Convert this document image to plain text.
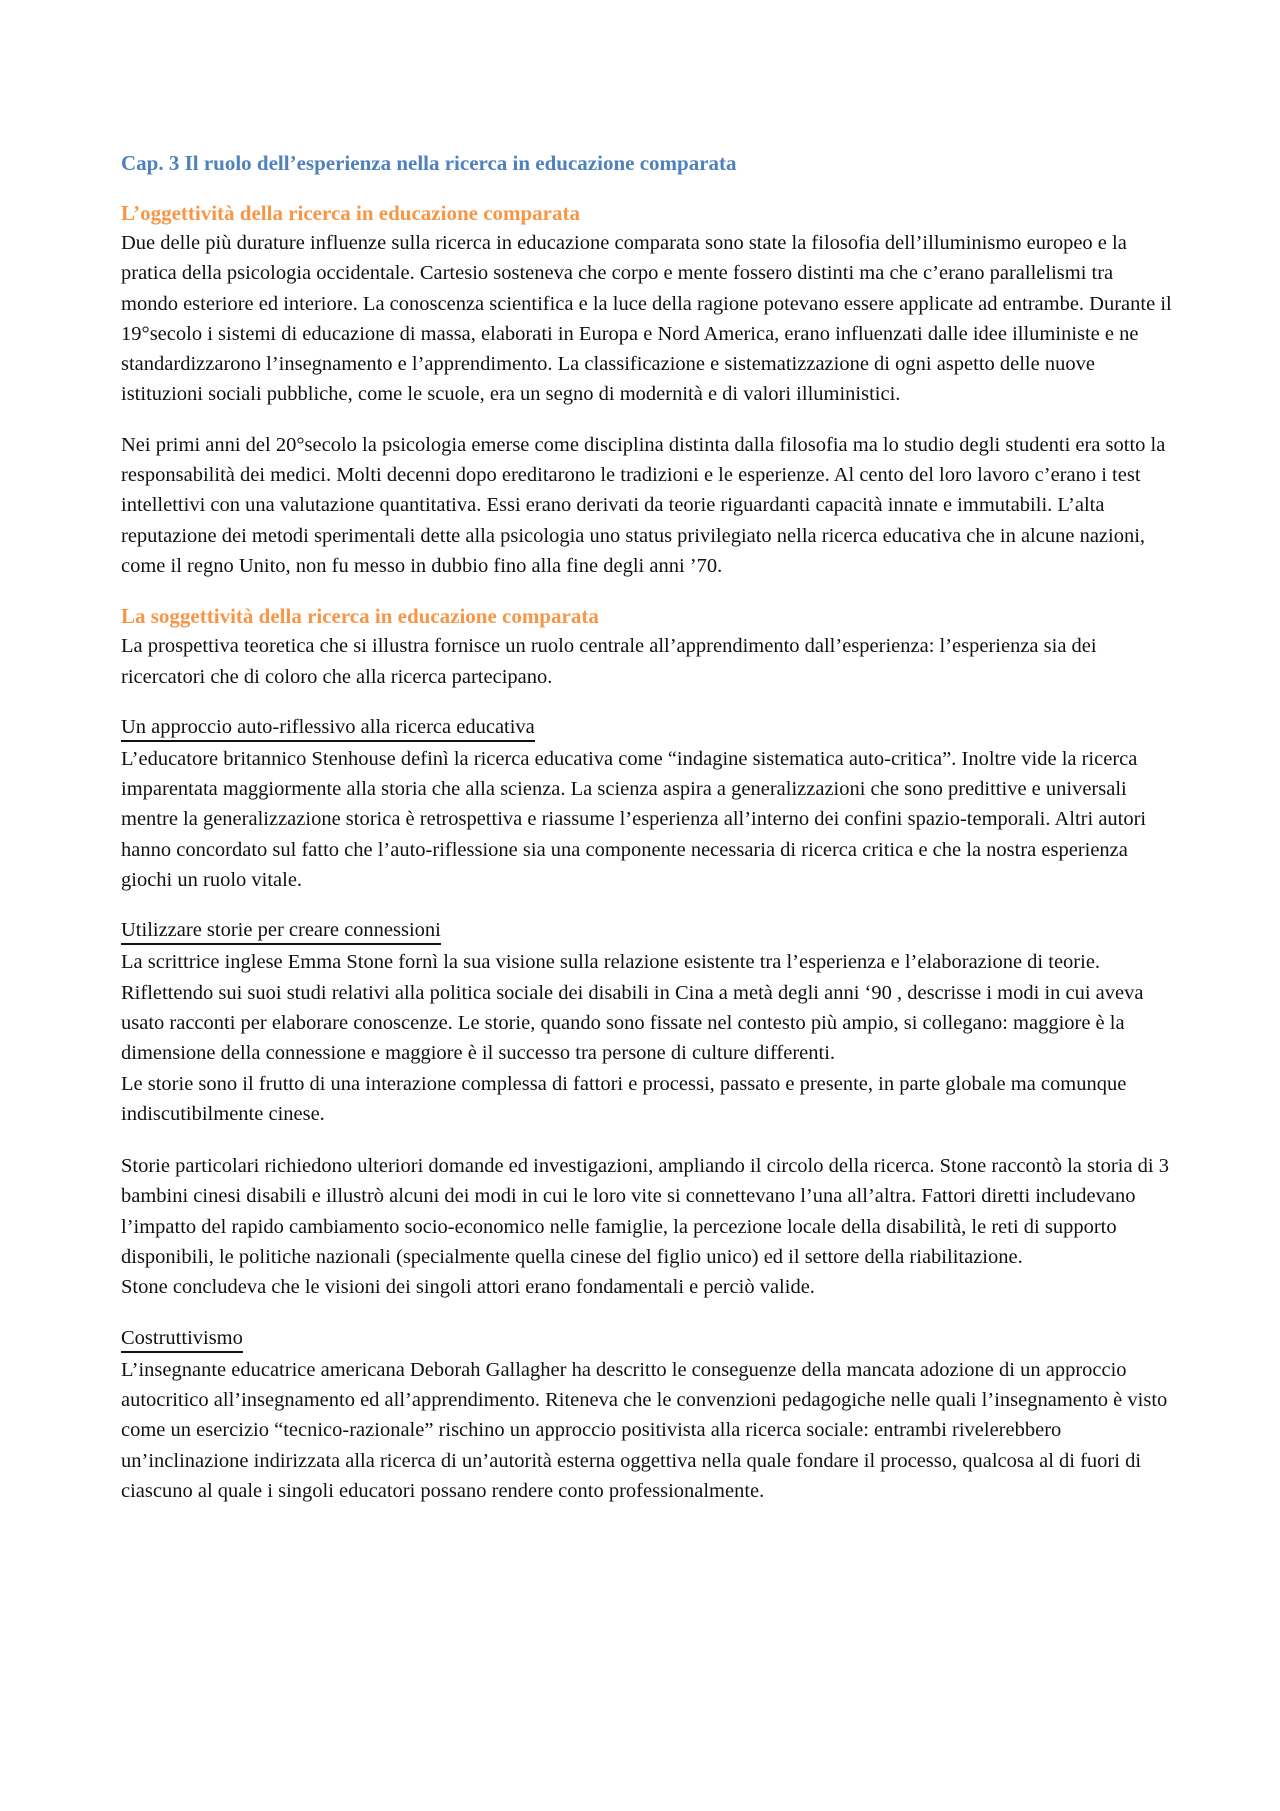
Cap. 3 Il ruolo dell’esperienza nella ricerca in educazione comparata
L’oggettività della ricerca in educazione comparata

Due delle più durature influenze sulla ricerca in educazione comparata sono state la filosofia dell’illuminismo europeo e la pratica della psicologia occidentale. Cartesio sosteneva che corpo e mente fossero distinti ma che c’erano parallelismi tra mondo esteriore ed interiore. La conoscenza scientifica e la luce della ragione potevano essere applicate ad entrambe. Durante il 19°secolo i sistemi di educazione di massa, elaborati in Europa e Nord America, erano influenzati dalle idee illuministe e ne standardizzarono l’insegnamento e l’apprendimento. La classificazione e sistematizzazione di ogni aspetto delle nuove istituzioni sociali pubbliche, come le scuole, era un segno di modernità e di valori illuministici.

Nei primi anni del 20°secolo la psicologia emerse come disciplina distinta dalla filosofia ma lo studio degli studenti era sotto la responsabilità dei medici. Molti decenni dopo ereditarono le tradizioni e le esperienze. Al cento del loro lavoro c’erano i test intellettivi con una valutazione quantitativa. Essi erano derivati da teorie riguardanti capacità innate e immutabili. L’alta reputazione dei metodi sperimentali dette alla psicologia uno status privilegiato nella ricerca educativa che in alcune nazioni, come il regno Unito, non fu messo in dubbio fino alla fine degli anni ’70.

La soggettività della ricerca in educazione comparata

La prospettiva teoretica che si illustra fornisce un ruolo centrale all’apprendimento dall’esperienza: l’esperienza sia dei ricercatori che di coloro che alla ricerca partecipano.

Un approccio auto-riflessivo alla ricerca educativa

L’educatore britannico Stenhouse definì la ricerca educativa come “indagine sistematica auto-critica”. Inoltre vide la ricerca imparentata maggiormente alla storia che alla scienza. La scienza aspira a generalizzazioni che sono predittive e universali mentre la generalizzazione storica è retrospettiva e riassume l’esperienza all’interno dei confini spazio-temporali. Altri autori hanno concordato sul fatto che l’auto-riflessione sia una componente necessaria di ricerca critica e che la nostra esperienza giochi un ruolo vitale.

Utilizzare storie per creare connessioni

La scrittrice inglese Emma Stone fornì la sua visione sulla relazione esistente tra l’esperienza e l’elaborazione di teorie. Riflettendo sui suoi studi relativi alla politica sociale dei disabili in Cina a metà degli anni ‘90 , descrisse i modi in cui aveva usato racconti per elaborare conoscenze. Le storie, quando sono fissate nel contesto più ampio, si collegano: maggiore è la dimensione della connessione e maggiore è il successo tra persone di culture differenti.

Le storie sono il frutto di una interazione complessa di fattori e processi, passato e presente, in parte globale ma comunque indiscutibilmente cinese.

Storie particolari richiedono ulteriori domande ed investigazioni, ampliando il circolo della ricerca. Stone raccontò la storia di 3 bambini cinesi disabili e illustrò alcuni dei modi in cui le loro vite si connettevano l’una all’altra. Fattori diretti includevano l’impatto del rapido cambiamento socio-economico nelle famiglie, la percezione locale della disabilità, le reti di supporto disponibili, le politiche nazionali (specialmente quella cinese del figlio unico) ed il settore della riabilitazione.

Stone concludeva che le visioni dei singoli attori erano fondamentali e perciò valide.

Costruttivismo

L’insegnante educatrice americana Deborah Gallagher ha descritto le conseguenze della mancata adozione di un approccio autocritico all’insegnamento ed all’apprendimento. Riteneva che le convenzioni pedagogiche nelle quali l’insegnamento è visto come un esercizio “tecnico-razionale” rischino un approccio positivista alla ricerca sociale: entrambi rivelerebbero un’inclinazione indirizzata alla ricerca di un’autorità esterna oggettiva nella quale fondare il processo, qualcosa al di fuori di ciascuno al quale i singoli educatori possano rendere conto professionalmente.
